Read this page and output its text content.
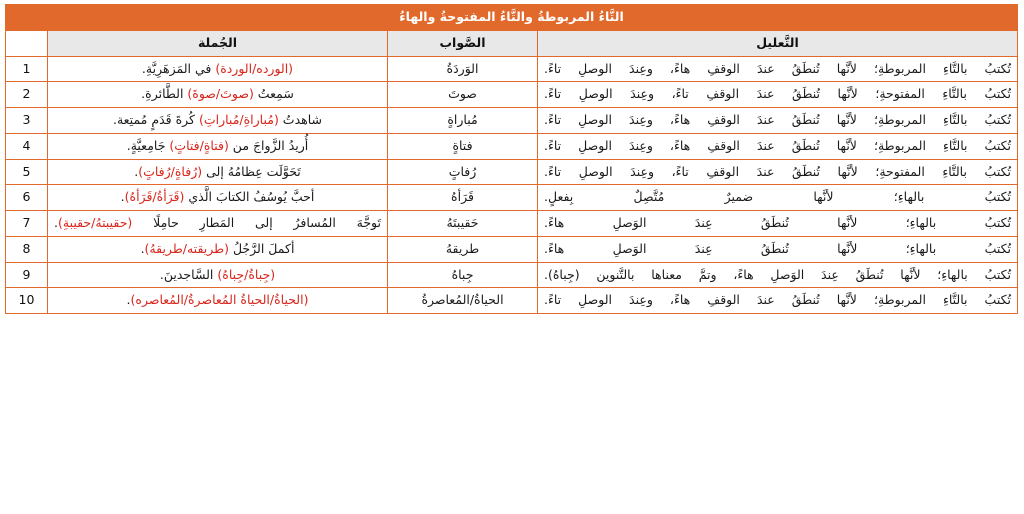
التَّاءُ المربوطةُ والتَّاءُ المفتوحةُ والهاءُ			
التَّعليل	الصَّواب	الجُملة	
تُكتبُ بالتَّاءِ المربوطةِ؛ لأنَّها تُنطَقُ عندَ الوقفِ هاءً، وعِندَ الوصلِ تاءً.	الوَردَةُ	(الورده/الوردة) في المَزهَرِيَّةِ.	1
تُكتبُ بالتَّاءِ المفتوحةِ؛ لأنَّها تُنطَقُ عندَ الوقفِ تاءً، وعِندَ الوصلِ تاءً.	صوتَ	سَمِعتُ (صوتَ/صوةَ) الطَّائرةِ.	2
تُكتبُ بالتَّاءِ المربوطةِ؛ لأنَّها تُنطَقُ عندَ الوقفِ هاءً، وعِندَ الوصلِ تاءً.	مُباراةٍ	شاهدتُ (مُباراةِ/مُباراتِ) كُرةَ قَدَمٍ مُمتِعة.	3
تُكتبُ بالتَّاءِ المربوطةِ؛ لأنَّها تُنطَقُ عندَ الوقفِ هاءً، وعِندَ الوصلِ تاءً.	فتاةٍ	أُريدُ الزَّواجَ من (فتاةٍ/فتاتٍ) جَامِعيَّةٍ.	4
تُكتبُ بالتَّاءِ المفتوحةِ؛ لأنَّها تُنطَقُ عندَ الوقفِ تاءً، وعِندَ الوصلِ تاءً.	رُفاتٍ	تَحَوَّلَت عِظامُهُ إلى (رُفاةٍ/رُفاتٍ).	5
تُكتبُ بالهاءِ؛ لأنَّها ضميرٌ مُتَّصِلٌ بِفعلٍ.	قَرَأهُ	أحبَّ يُوسُفُ الكتابَ الَّذي (قَرَأةُ/قَرَأهُ).	6
تُكتبُ بالهاءِ؛ لأنَّها تُنطَقُ عِندَ الوَصلِ هاءً.	حَقيبتَهُ	تَوجَّهَ المُسافرُ إلى المَطارِ حامِلًا (حقيبتهُ/حقيبةِ).	7
تُكتبُ بالهاءِ؛ لأنَّها تُنطَقُ عِندَ الوَصلِ هاءً.	طريقهُ	أكملَ الرَّجُلُ (طريقته/طريقهُ).	8
تُكتبُ بالهاءِ؛ لأنَّها تُنطَقُ عِندَ الوَصلِ هاءً، وتمَّ معناها بالتَّنوين (جِباهُ).	جِباهُ	(جِباةُ/جِباهُ) السَّاجدينَ.	9
تُكتبُ بالتَّاءِ المربوطةِ؛ لأنَّها تُنطَقُ عندَ الوقفِ هاءً، وعِندَ الوصلِ تاءً.	الحياةُ/المُعاصرةُ	(الحياةُ/الحياةُ المُعاصرةُ/المُعاصره).	10
